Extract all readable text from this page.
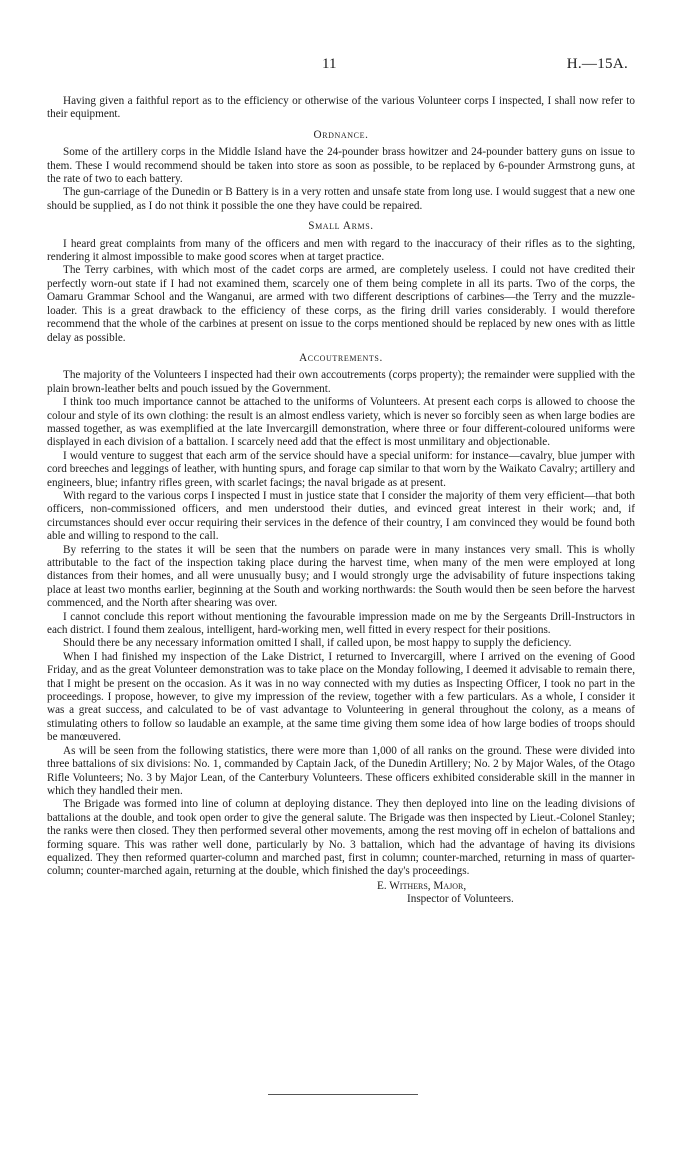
11	H.—15A.

Having given a faithful report as to the efficiency or otherwise of the various Volunteer corps I inspected, I shall now refer to their equipment.

Ordnance.

Some of the artillery corps in the Middle Island have the 24-pounder brass howitzer and 24-pounder battery guns on issue to them. These I would recommend should be taken into store as soon as possible, to be replaced by 6-pounder Armstrong guns, at the rate of two to each battery.

The gun-carriage of the Dunedin or B Battery is in a very rotten and unsafe state from long use. I would suggest that a new one should be supplied, as I do not think it possible the one they have could be repaired.

Small Arms.

I heard great complaints from many of the officers and men with regard to the inaccuracy of their rifles as to the sighting, rendering it almost impossible to make good scores when at target practice.

The Terry carbines, with which most of the cadet corps are armed, are completely useless. I could not have credited their perfectly worn-out state if I had not examined them, scarcely one of them being complete in all its parts. Two of the corps, the Oamaru Grammar School and the Wanganui, are armed with two different descriptions of carbines—the Terry and the muzzle-loader. This is a great drawback to the efficiency of these corps, as the firing drill varies considerably. I would therefore recommend that the whole of the carbines at present on issue to the corps mentioned should be replaced by new ones with as little delay as possible.

Accoutrements.

The majority of the Volunteers I inspected had their own accoutrements (corps property); the remainder were supplied with the plain brown-leather belts and pouch issued by the Government.

I think too much importance cannot be attached to the uniforms of Volunteers. At present each corps is allowed to choose the colour and style of its own clothing: the result is an almost endless variety, which is never so forcibly seen as when large bodies are massed together, as was exemplified at the late Invercargill demonstration, where three or four different-coloured uniforms were displayed in each division of a battalion. I scarcely need add that the effect is most unmilitary and objectionable.

I would venture to suggest that each arm of the service should have a special uniform: for instance—cavalry, blue jumper with cord breeches and leggings of leather, with hunting spurs, and forage cap similar to that worn by the Waikato Cavalry; artillery and engineers, blue; infantry rifles green, with scarlet facings; the naval brigade as at present.

With regard to the various corps I inspected I must in justice state that I consider the majority of them very efficient—that both officers, non-commissioned officers, and men understood their duties, and evinced great interest in their work; and, if circumstances should ever occur requiring their services in the defence of their country, I am convinced they would be found both able and willing to respond to the call.

By referring to the states it will be seen that the numbers on parade were in many instances very small. This is wholly attributable to the fact of the inspection taking place during the harvest time, when many of the men were employed at long distances from their homes, and all were unusually busy; and I would strongly urge the advisability of future inspections taking place at least two months earlier, beginning at the South and working northwards: the South would then be seen before the harvest commenced, and the North after shearing was over.

I cannot conclude this report without mentioning the favourable impression made on me by the Sergeants Drill-Instructors in each district. I found them zealous, intelligent, hard-working men, well fitted in every respect for their positions.

Should there be any necessary information omitted I shall, if called upon, be most happy to supply the deficiency.

When I had finished my inspection of the Lake District, I returned to Invercargill, where I arrived on the evening of Good Friday, and as the great Volunteer demonstration was to take place on the Monday following, I deemed it advisable to remain there, that I might be present on the occasion. As it was in no way connected with my duties as Inspecting Officer, I took no part in the proceedings. I propose, however, to give my impression of the review, together with a few particulars. As a whole, I consider it was a great success, and calculated to be of vast advantage to Volunteering in general throughout the colony, as a means of stimulating others to follow so laudable an example, at the same time giving them some idea of how large bodies of troops should be manœuvered.

As will be seen from the following statistics, there were more than 1,000 of all ranks on the ground. These were divided into three battalions of six divisions: No. 1, commanded by Captain Jack, of the Dunedin Artillery; No. 2 by Major Wales, of the Otago Rifle Volunteers; No. 3 by Major Lean, of the Canterbury Volunteers. These officers exhibited considerable skill in the manner in which they handled their men.

The Brigade was formed into line of column at deploying distance. They then deployed into line on the leading divisions of battalions at the double, and took open order to give the general salute. The Brigade was then inspected by Lieut.-Colonel Stanley; the ranks were then closed. They then performed several other movements, among the rest moving off in echelon of battalions and forming square. This was rather well done, particularly by No. 3 battalion, which had the advantage of having its divisions equalized. They then reformed quarter-column and marched past, first in column; counter-marched, returning in mass of quarter-column; counter-marched again, returning at the double, which finished the day's proceedings.

E. Withers, Major,
Inspector of Volunteers.
